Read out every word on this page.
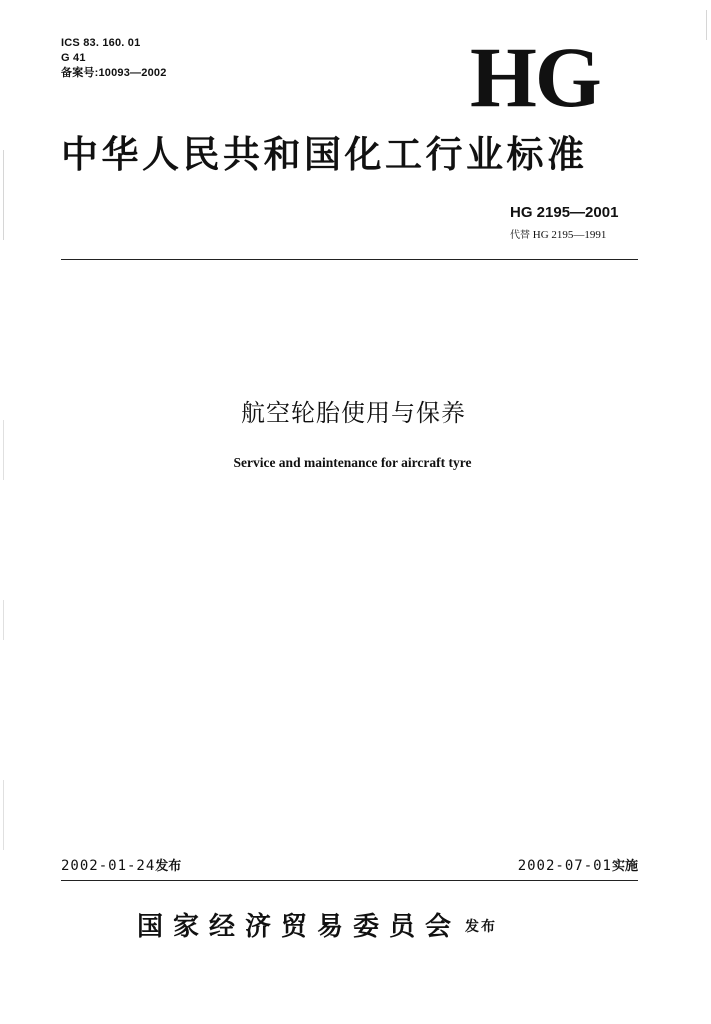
ICS 83. 160. 01
G 41
备案号:10093—2002	HG
中华人民共和国化工行业标准
HG 2195—2001
代替 HG 2195—1991
航空轮胎使用与保养
Service and maintenance for aircraft tyre
2002-01-24发布	2002-07-01实施
国家经济贸易委员会 发布
